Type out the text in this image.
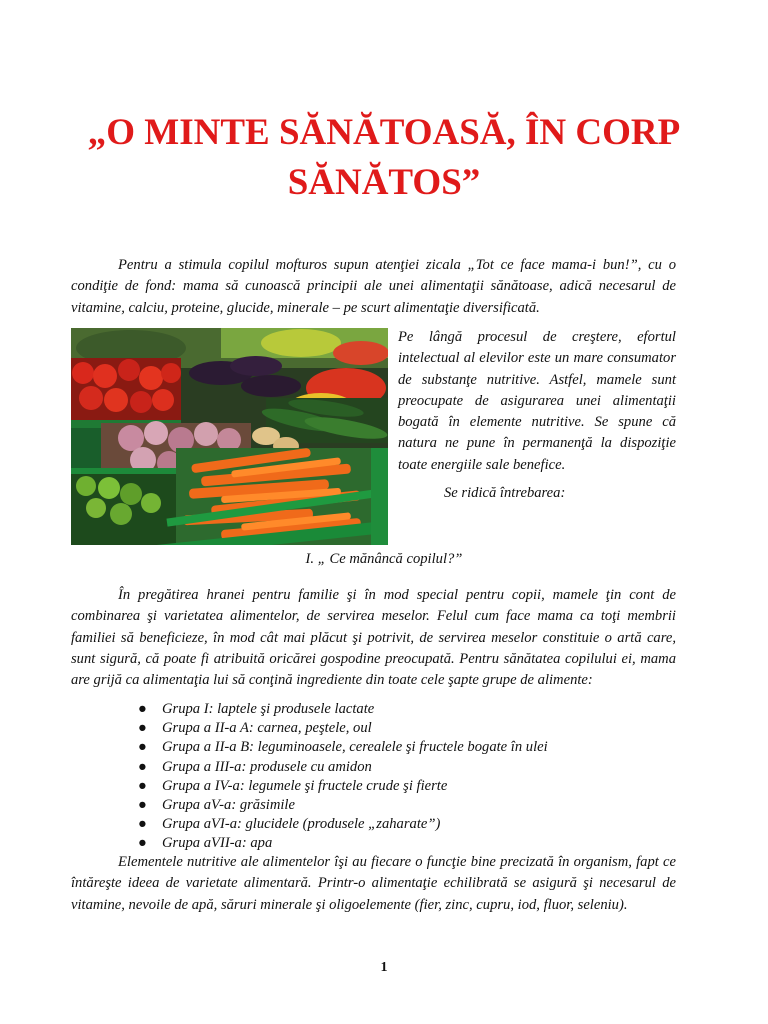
„O MINTE SĂNĂTOASĂ, ÎN CORP SĂNĂTOS”

Pentru a stimula copilul mofturos supun atenţiei zicala „Tot ce face mama-i bun!”, cu o condiţie de fond: mama să cunoască principii ale unei alimentaţii sănătoase, adică necesarul de vitamine, calciu, proteine, glucide, minerale – pe scurt alimentaţie diversificată.

Pe lângă procesul de creştere, efortul intelectual al elevilor este un mare consumator de substanţe nutritive. Astfel, mamele sunt preocupate de asigurarea unei alimentaţii bogată în elemente nutritive. Se spune că natura ne pune în permanenţă la dispoziţie toate energiile sale benefice.

Se ridică întrebarea:

I. „ Ce mănâncă copilul?”

În pregătirea hranei pentru familie şi în mod special pentru copii, mamele ţin cont de combinarea şi varietatea alimentelor, de servirea meselor. Felul cum face mama ca toţi membrii familiei să beneficieze, în mod cât mai plăcut şi potrivit, de servirea meselor constituie o artă care, sunt sigură, că poate fi atribuită oricărei gospodine preocupată. Pentru sănătatea copilului ei, mama are grijă ca alimentaţia lui să conţină ingrediente din toate cele şapte grupe de alimente:

● Grupa I: laptele şi produsele lactate
● Grupa a II-a A: carnea, peştele, oul
● Grupa a II-a B: leguminoasele, cerealele şi fructele bogate în ulei
● Grupa a III-a: produsele cu amidon
● Grupa a IV-a: legumele şi fructele crude şi fierte
● Grupa aV-a: grăsimile
● Grupa aVI-a: glucidele (produsele „zaharate”)
● Grupa aVII-a: apa

Elementele nutritive ale alimentelor îşi au fiecare o funcţie bine precizată în organism, fapt ce întăreşte ideea de varietate alimentară. Printr-o alimentaţie echilibrată se asigură şi necesarul de vitamine, nevoile de apă, săruri minerale şi oligoelemente (fier, zinc, cupru, iod, fluor, seleniu).

1
